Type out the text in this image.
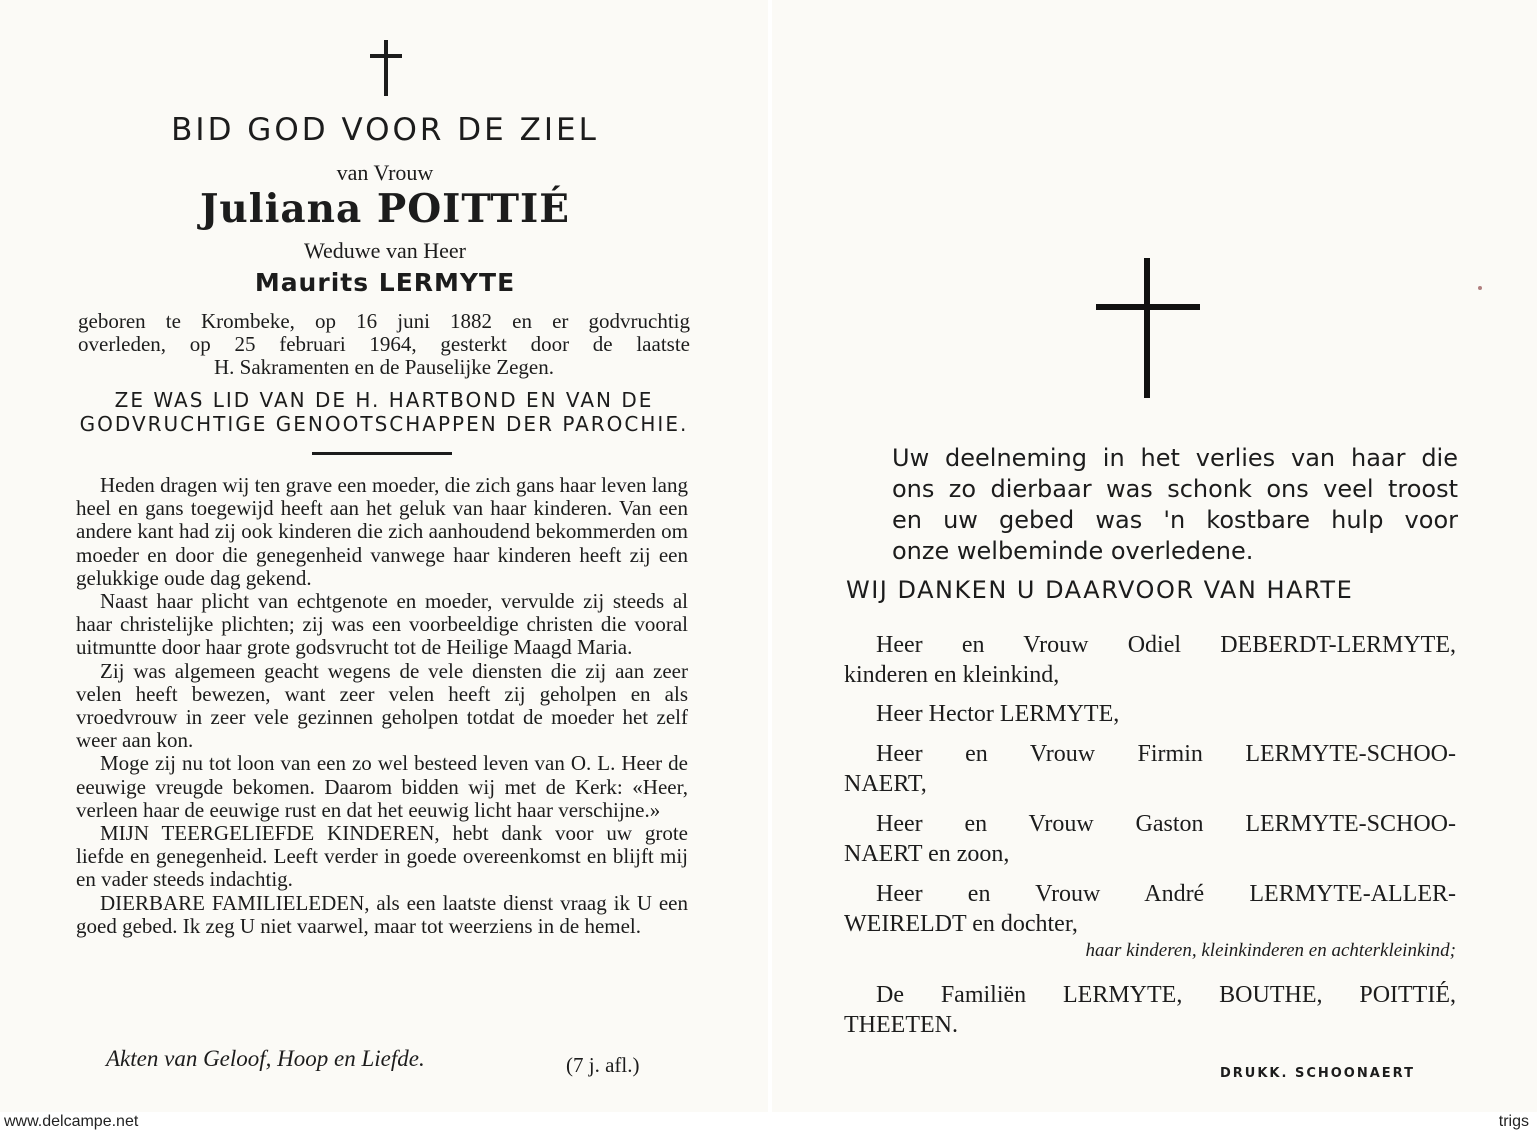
BID GOD VOOR DE ZIEL
van Vrouw
Juliana POITTIÉ
Weduwe van Heer
Maurits LERMYTE
geboren te Krombeke, op 16 juni 1882 en er godvruchtig
overleden, op 25 februari 1964, gesterkt door de laatste
H. Sakramenten en de Pauselijke Zegen.
ZE WAS LID VAN DE H. HARTBOND EN VAN DE GODVRUCHTIGE GENOOTSCHAPPEN DER PAROCHIE.

Heden dragen wij ten grave een moeder, die zich gans haar leven lang heel en gans toegewijd heeft aan het geluk van haar kinderen. Van een andere kant had zij ook kinderen die zich aanhoudend bekommerden om moeder en door die genegenheid vanwege haar kinderen heeft zij een gelukkige oude dag gekend.

Naast haar plicht van echtgenote en moeder, vervulde zij steeds al haar christelijke plichten; zij was een voorbeeldige christen die vooral uitmuntte door haar grote godsvrucht tot de Heilige Maagd Maria.

Zij was algemeen geacht wegens de vele diensten die zij aan zeer velen heeft bewezen, want zeer velen heeft zij geholpen en als vroedvrouw in zeer vele gezinnen geholpen totdat de moeder het zelf weer aan kon.

Moge zij nu tot loon van een zo wel besteed leven van O. L. Heer de eeuwige vreugde bekomen. Daarom bidden wij met de Kerk: «Heer, verleen haar de eeuwige rust en dat het eeuwig licht haar verschijne.»

MIJN TEERGELIEFDE KINDEREN, hebt dank voor uw grote liefde en genegenheid. Leeft verder in goede overeenkomst en blijft mij en vader steeds indachtig.

DIERBARE FAMILIELEDEN, als een laatste dienst vraag ik U een goed gebed. Ik zeg U niet vaarwel, maar tot weerziens in de hemel.

Akten van Geloof, Hoop en Liefde.	(7 j. afl.)
Uw deelneming in het verlies van haar die
ons zo dierbaar was schonk ons veel troost
en uw gebed was 'n kostbare hulp voor
onze welbeminde overledene.
WIJ DANKEN U DAARVOOR VAN HARTE
Heer en Vrouw Odiel DEBERDT-LERMYTE,
kinderen en kleinkind,
Heer Hector LERMYTE,
Heer en Vrouw Firmin LERMYTE-SCHOO-
NAERT,
Heer en Vrouw Gaston LERMYTE-SCHOO-
NAERT en zoon,
Heer en Vrouw André LERMYTE-ALLER-
WEIRELDT en dochter,
haar kinderen, kleinkinderen en achterkleinkind;
De Familiën LERMYTE, BOUTHE, POITTIÉ,
THEETEN.
DRUKK. SCHOONAERT
www.delcampe.net	trigs
